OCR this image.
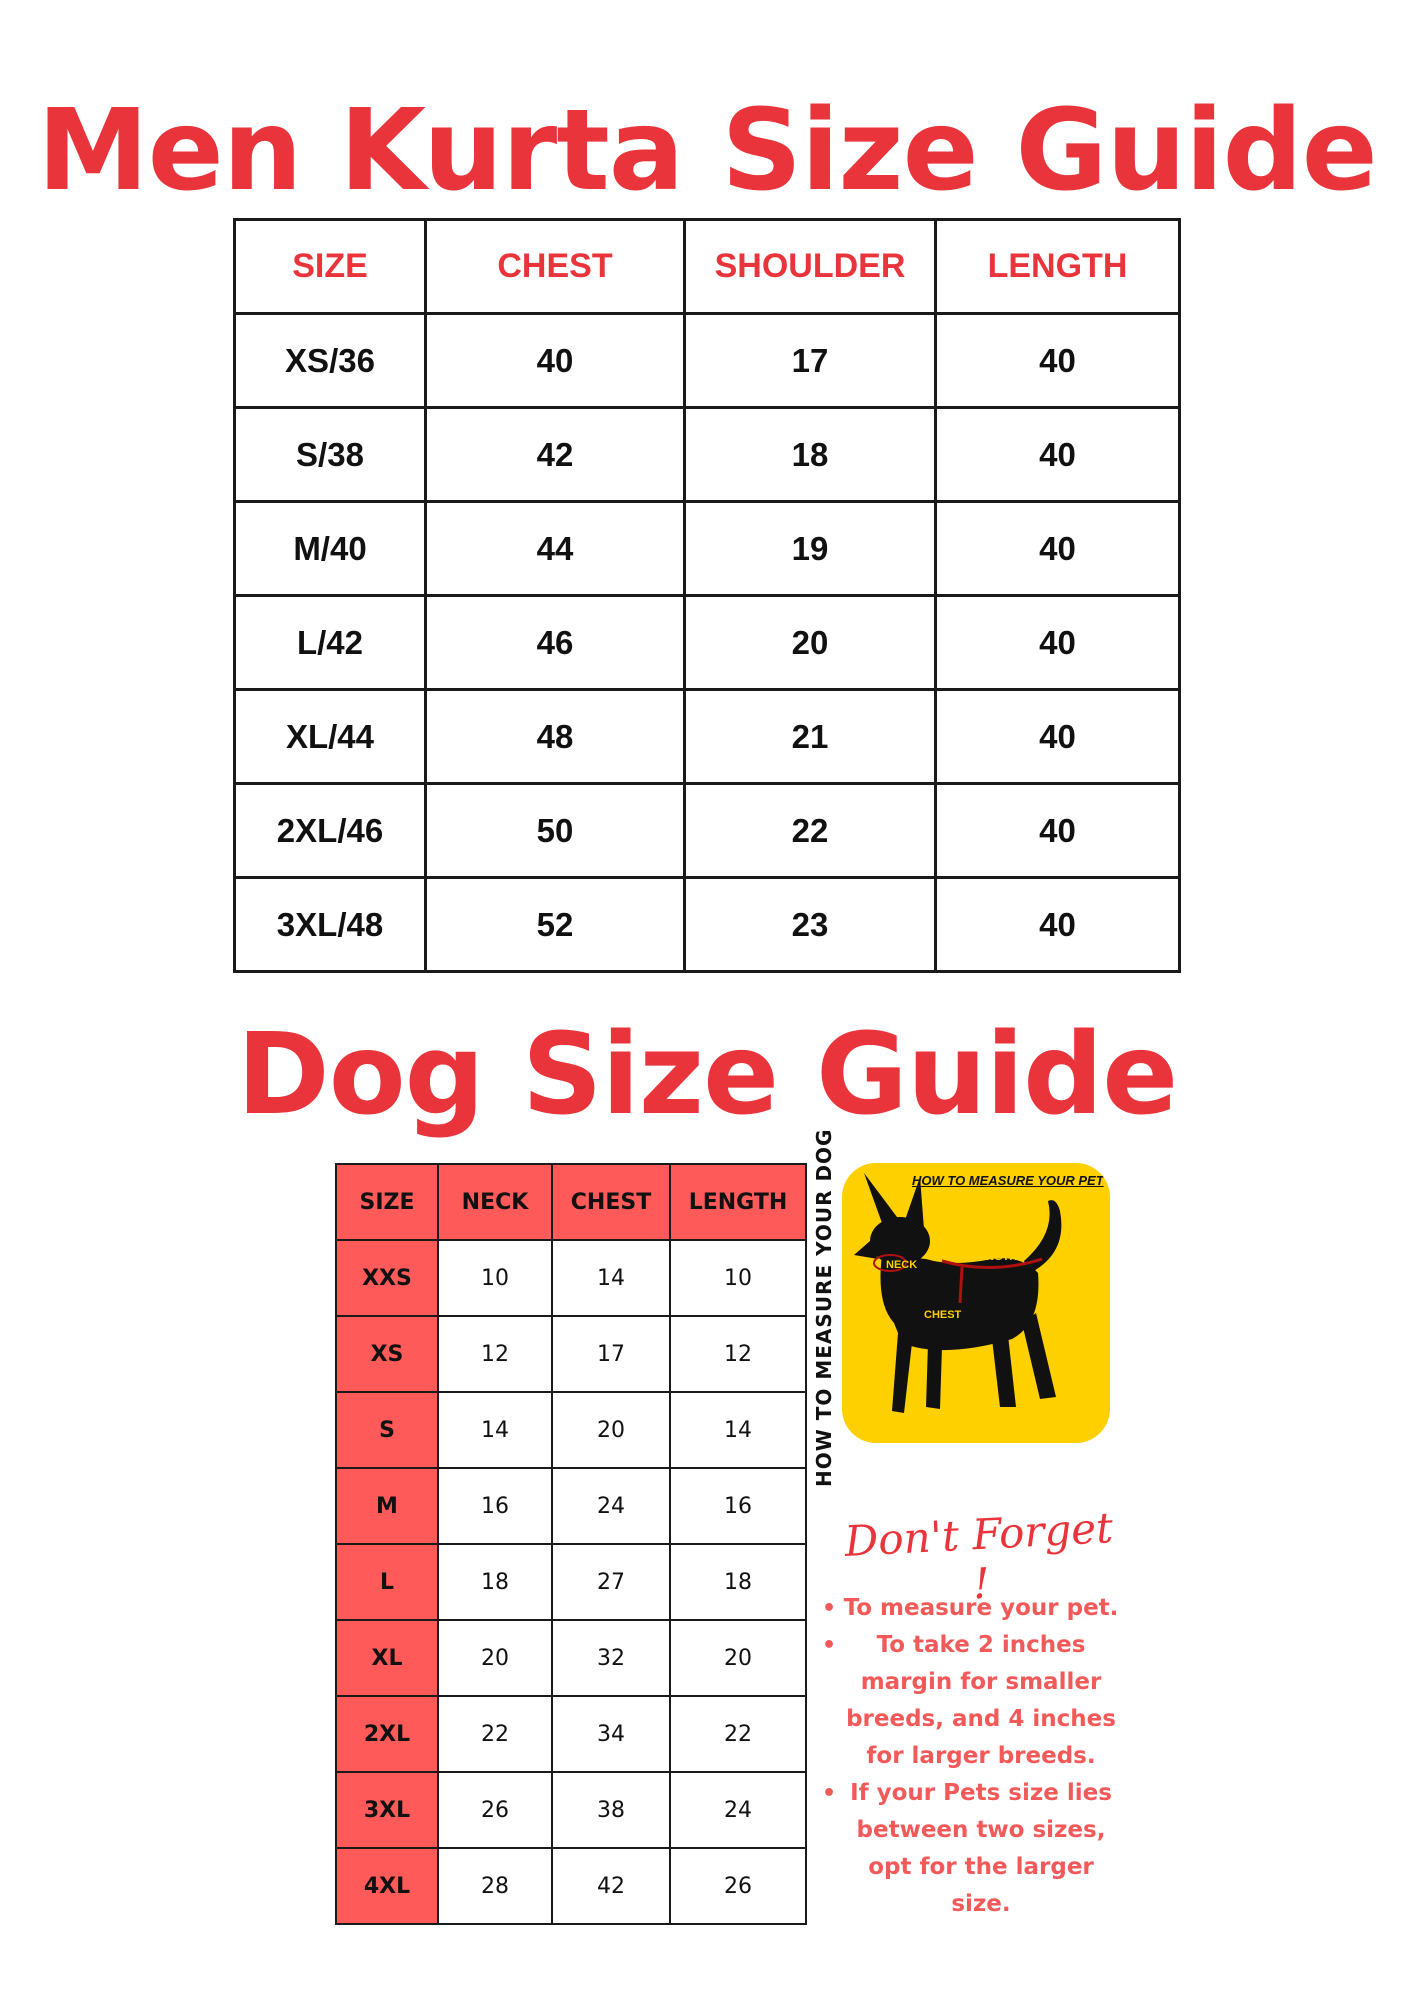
Men Kurta Size Guide
SIZE	CHEST	SHOULDER	LENGTH
XS/36	40	17	40
S/38	42	18	40
M/40	44	19	40
L/42	46	20	40
XL/44	48	21	40
2XL/46	50	22	40
3XL/48	52	23	40
Dog Size Guide
SIZE	NECK	CHEST	LENGTH
XXS	10	14	10
XS	12	17	12
S	14	20	14
M	16	24	16
L	18	27	18
XL	20	32	20
2XL	22	34	22
3XL	26	38	24
4XL	28	42	26
HOW TO MEASURE YOUR DOG	HOW TO MEASURE YOUR PET
NECK
LENGTH
CHEST
Don't Forget !
• To measure your pet.
• To take 2 inches margin for smaller breeds, and 4 inches for larger breeds.
• If your Pets size lies between two sizes, opt for the larger size.
